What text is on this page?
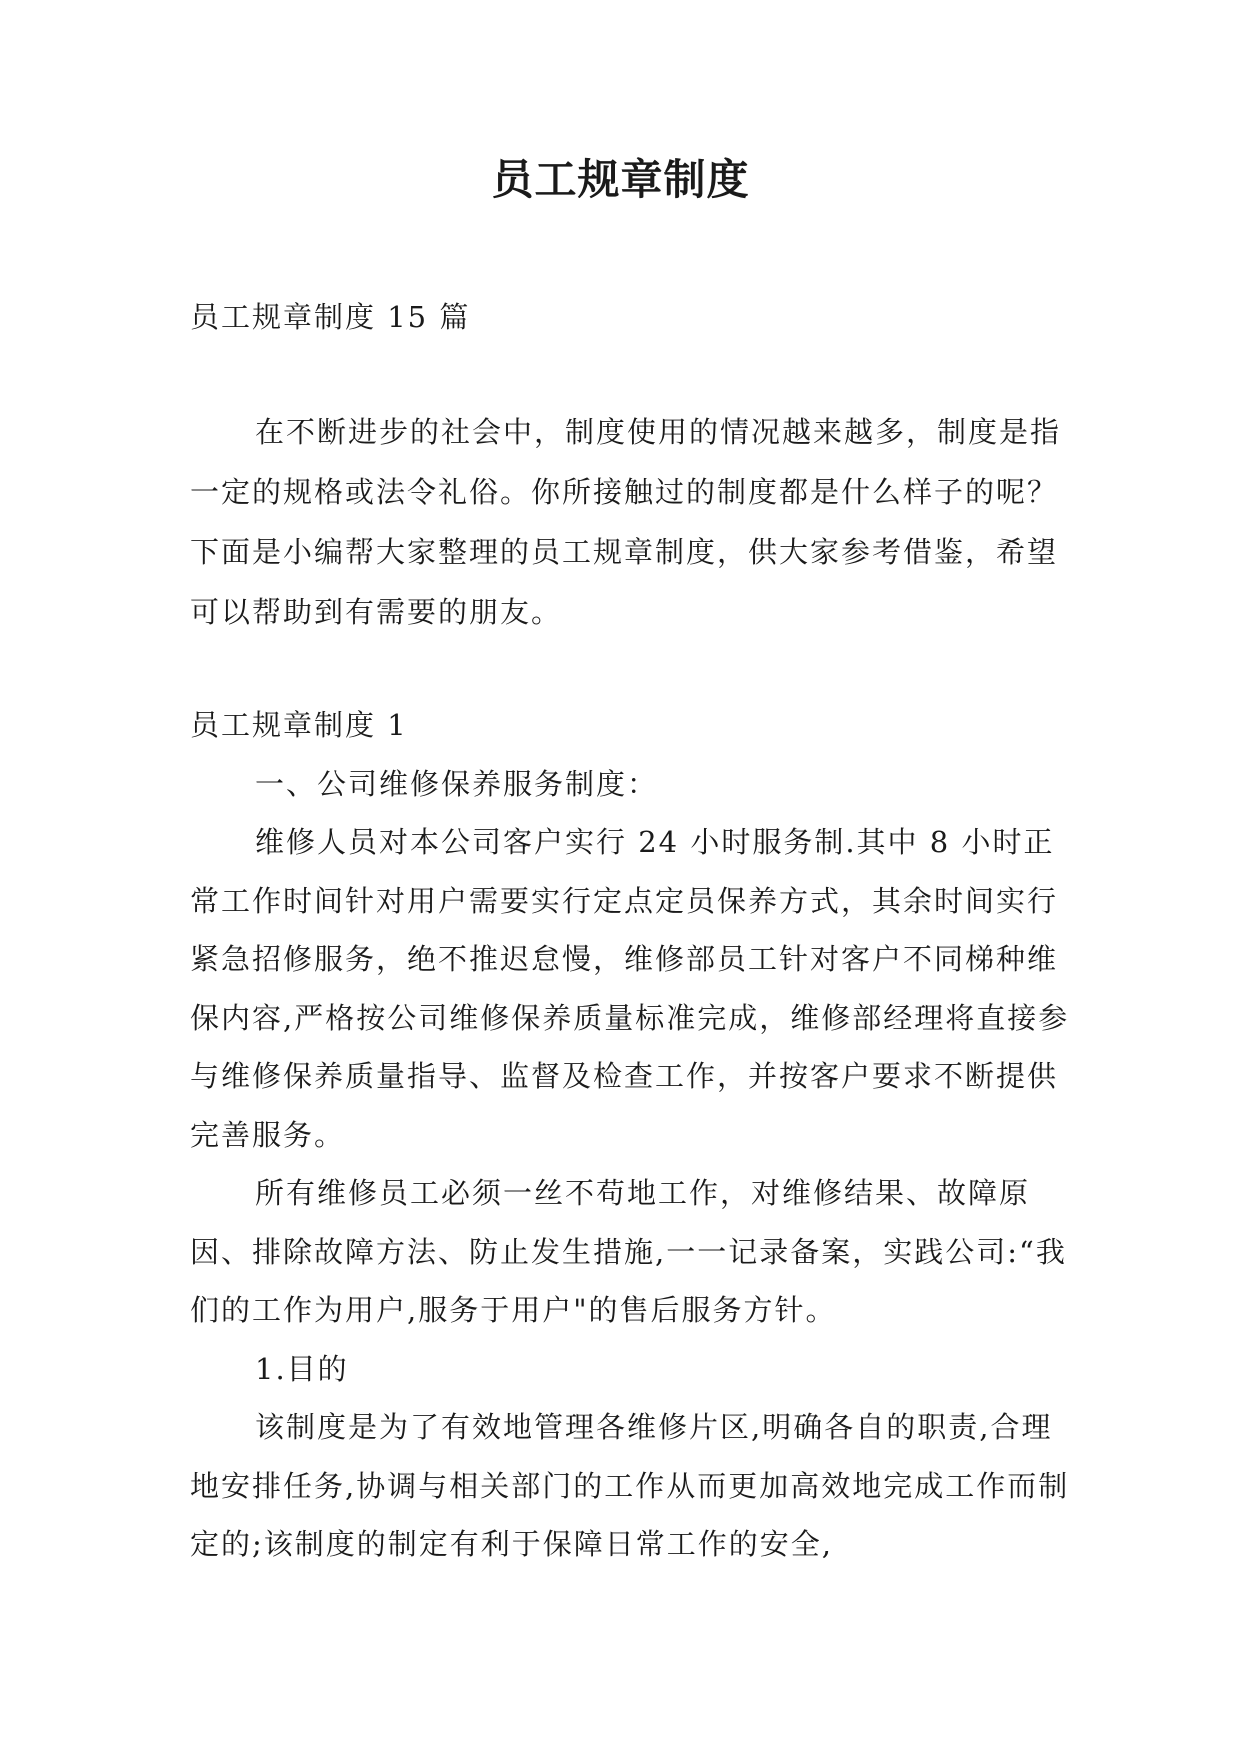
员工规章制度
员工规章制度 15 篇

在不断进步的社会中，制度使用的情况越来越多，制度是指一定的规格或法令礼俗。你所接触过的制度都是什么样子的呢？下面是小编帮大家整理的员工规章制度，供大家参考借鉴，希望可以帮助到有需要的朋友。

员工规章制度 1

一、公司维修保养服务制度：

维修人员对本公司客户实行 24 小时服务制.其中 8 小时正常工作时间针对用户需要实行定点定员保养方式，其余时间实行紧急招修服务，绝不推迟怠慢，维修部员工针对客户不同梯种维保内容,严格按公司维修保养质量标准完成，维修部经理将直接参与维修保养质量指导、监督及检查工作，并按客户要求不断提供完善服务。

所有维修员工必须一丝不苟地工作，对维修结果、故障原因、排除故障方法、防止发生措施,一一记录备案，实践公司:“我们的工作为用户,服务于用户"的售后服务方针。

1.目的

该制度是为了有效地管理各维修片区,明确各自的职责,合理地安排任务,协调与相关部门的工作从而更加高效地完成工作而制定的;该制度的制定有利于保障日常工作的安全,
